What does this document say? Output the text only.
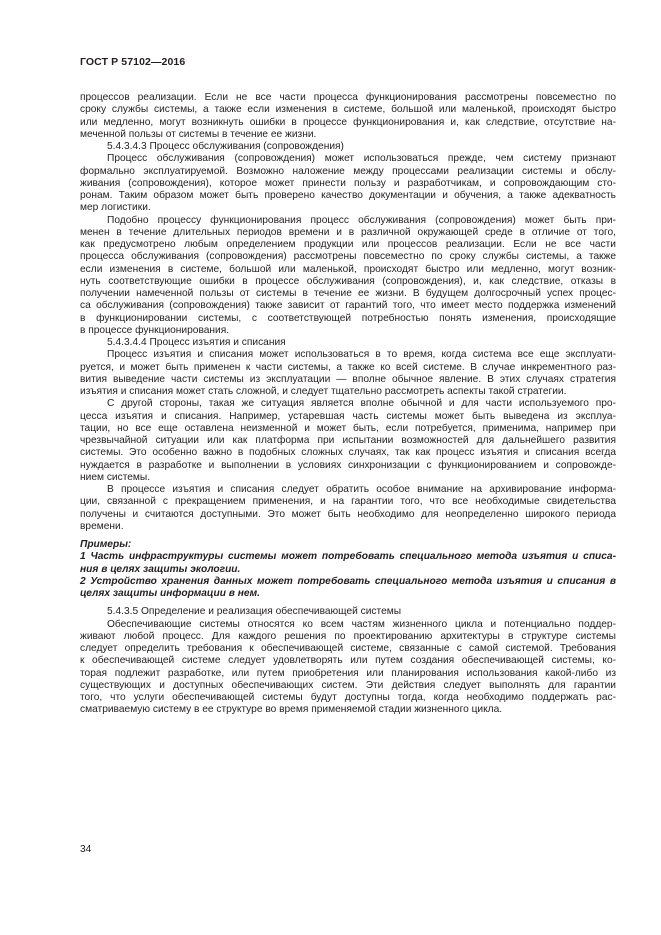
ГОСТ Р 57102—2016
процессов реализации. Если не все части процесса функционирования рассмотрены повсеместно по
сроку службы системы, а также если изменения в системе, большой или маленькой, происходят быстро
или медленно, могут возникнуть ошибки в процессе функционирования и, как следствие, отсутствие на-
меченной пользы от системы в течение ее жизни.
5.4.3.4.3 Процесс обслуживания (сопровождения)
Процесс обслуживания (сопровождения) может использоваться прежде, чем систему признают
формально эксплуатируемой. Возможно наложение между процессами реализации системы и обслу-
живания (сопровождения), которое может принести пользу и разработчикам, и сопровождающим сто-
ронам. Таким образом может быть проверено качество документации и обучения, а также адекватность
мер логистики.
Подобно процессу функционирования процесс обслуживания (сопровождения) может быть при-
менен в течение длительных периодов времени и в различной окружающей среде в отличие от того,
как предусмотрено любым определением продукции или процессов реализации. Если не все части
процесса обслуживания (сопровождения) рассмотрены повсеместно по сроку службы системы, а также
если изменения в системе, большой или маленькой, происходят быстро или медленно, могут возник-
нуть соответствующие ошибки в процессе обслуживания (сопровождения), и, как следствие, отказы в
получении намеченной пользы от системы в течение ее жизни. В будущем долгосрочный успех процес-
са обслуживания (сопровождения) также зависит от гарантий того, что имеет место поддержка изменений
в функционировании системы, с соответствующей потребностью понять изменения, происходящие
в процессе функционирования.
5.4.3.4.4 Процесс изъятия и списания
Процесс изъятия и списания может использоваться в то время, когда система все еще эксплуати-
руется, и может быть применен к части системы, а также ко всей системе. В случае инкрементного раз-
вития выведение части системы из эксплуатации — вполне обычное явление. В этих случаях стратегия
изъятия и списания может стать сложной, и следует тщательно рассмотреть аспекты такой стратегии.
С другой стороны, такая же ситуация является вполне обычной и для части используемого про-
цесса изъятия и списания. Например, устаревшая часть системы может быть выведена из эксплуа-
тации, но все еще оставлена неизменной и может быть, если потребуется, применима, например при
чрезвычайной ситуации или как платформа при испытании возможностей для дальнейшего развития
системы. Это особенно важно в подобных сложных случаях, так как процесс изъятия и списания всегда
нуждается в разработке и выполнении в условиях синхронизации с функционированием и сопровожде-
нием системы.
В процессе изъятия и списания следует обратить особое внимание на архивирование информа-
ции, связанной с прекращением применения, и на гарантии того, что все необходимые свидетельства
получены и считаются доступными. Это может быть необходимо для неопределенно широкого периода
времени.
Примеры:
1 Часть инфраструктуры системы может потребовать специального метода изъятия и списа-
ния в целях защиты экологии.
2 Устройство хранения данных может потребовать специального метода изъятия и списания в
целях защиты информации в нем.
5.4.3.5 Определение и реализация обеспечивающей системы
Обеспечивающие системы относятся ко всем частям жизненного цикла и потенциально поддер-
живают любой процесс. Для каждого решения по проектированию архитектуры в структуре системы
следует определить требования к обеспечивающей системе, связанные с самой системой. Требования
к обеспечивающей системе следует удовлетворять или путем создания обеспечивающей системы, ко-
торая подлежит разработке, или путем приобретения или планирования использования какой-либо из
существующих и доступных обеспечивающих систем. Эти действия следует выполнять для гарантии
того, что услуги обеспечивающей системы будут доступны тогда, когда необходимо поддержать рас-
сматриваемую систему в ее структуре во время применяемой стадии жизненного цикла.
34
